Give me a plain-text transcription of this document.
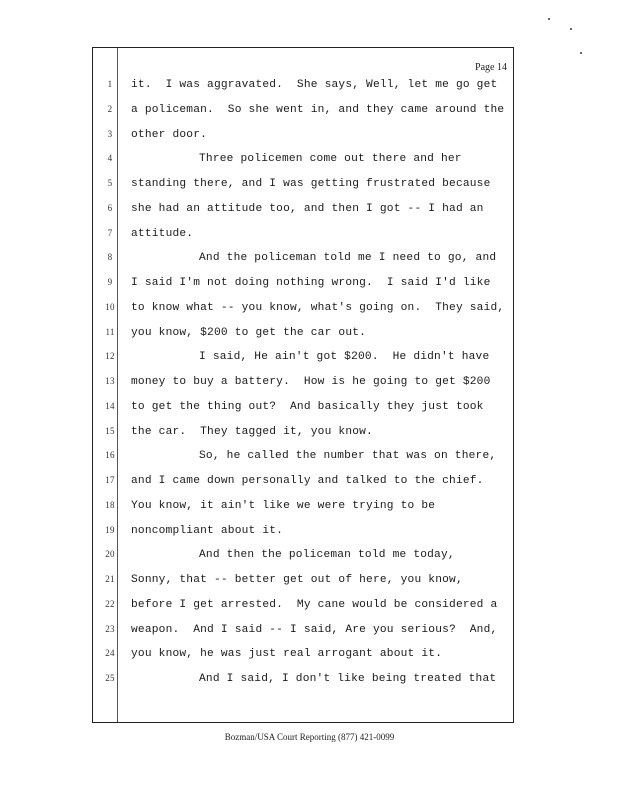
Page 14
1	it.  I was aggravated.  She says, Well, let me go get
2	a policeman.  So she went in, and they came around the
3	other door.
4	Three policemen come out there and her
5	standing there, and I was getting frustrated because
6	she had an attitude too, and then I got -- I had an
7	attitude.
8	And the policeman told me I need to go, and
9	I said I'm not doing nothing wrong.  I said I'd like
10 to know what -- you know, what's going on.  They said,
11 you know, $200 to get the car out.
12	I said, He ain't got $200.  He didn't have
13 money to buy a battery.  How is he going to get $200
14 to get the thing out?  And basically they just took
15 the car.  They tagged it, you know.
16	So, he called the number that was on there,
17 and I came down personally and talked to the chief.
18 You know, it ain't like we were trying to be
19 noncompliant about it.
20	And then the policeman told me today,
21 Sonny, that -- better get out of here, you know,
22 before I get arrested.  My cane would be considered a
23 weapon.  And I said -- I said, Are you serious?  And,
24 you know, he was just real arrogant about it.
25	And I said, I don't like being treated that
Bozman/USA Court Reporting (877) 421-0099
